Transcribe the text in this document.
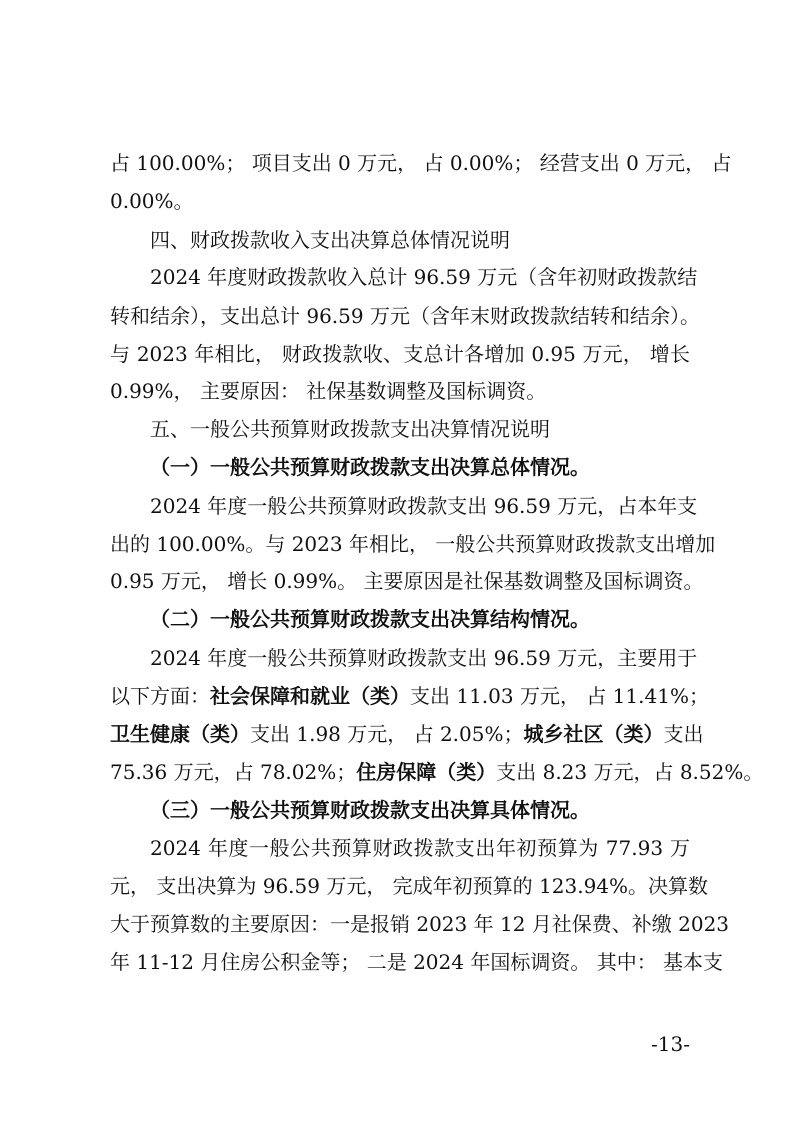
占 100.00%； 项目支出 0 万元， 占 0.00%； 经营支出 0 万元， 占
0.00%。
四、财政拨款收入支出决算总体情况说明
2024 年度财政拨款收入总计 96.59 万元（含年初财政拨款结
转和结余），支出总计 96.59 万元（含年末财政拨款结转和结余）。
与 2023 年相比， 财政拨款收、支总计各增加 0.95 万元， 增长
0.99%， 主要原因： 社保基数调整及国标调资。
五、一般公共预算财政拨款支出决算情况说明
（一）一般公共预算财政拨款支出决算总体情况。
2024 年度一般公共预算财政拨款支出 96.59 万元，占本年支
出的 100.00%。与 2023 年相比， 一般公共预算财政拨款支出增加
0.95 万元， 增长 0.99%。 主要原因是社保基数调整及国标调资。
（二）一般公共预算财政拨款支出决算结构情况。
2024 年度一般公共预算财政拨款支出 96.59 万元，主要用于
以下方面：社会保障和就业（类）支出 11.03 万元， 占 11.41%；
卫生健康（类）支出 1.98 万元， 占 2.05%；城乡社区（类）支出
75.36 万元，占 78.02%；住房保障（类）支出 8.23 万元，占 8.52%。
（三）一般公共预算财政拨款支出决算具体情况。
2024 年度一般公共预算财政拨款支出年初预算为 77.93 万
元， 支出决算为 96.59 万元， 完成年初预算的 123.94%。决算数
大于预算数的主要原因：一是报销 2023 年 12 月社保费、补缴 2023
年 11-12 月住房公积金等； 二是 2024 年国标调资。 其中： 基本支
-13-
